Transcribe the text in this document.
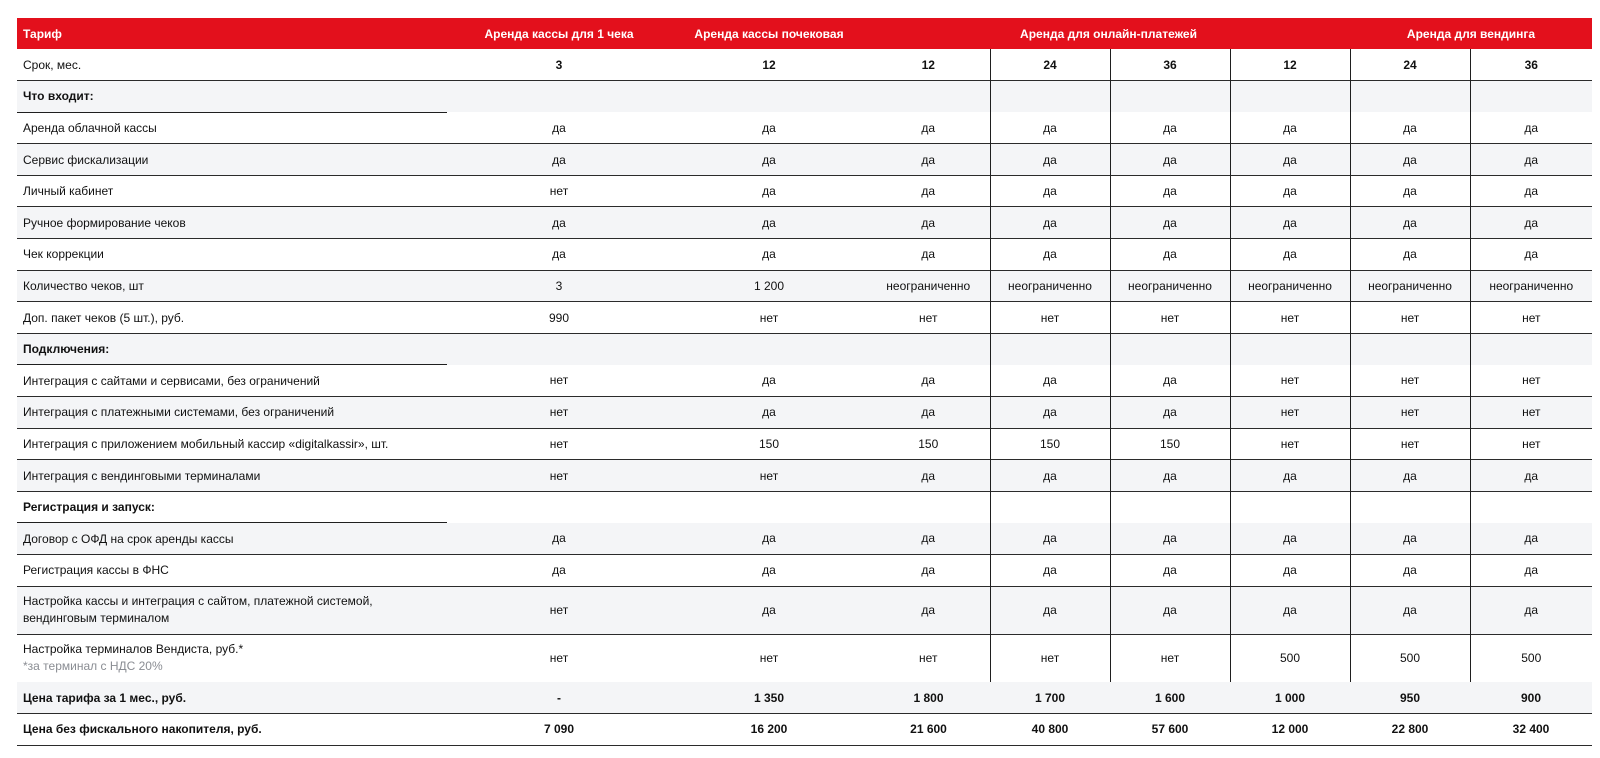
Тариф	Аренда кассы для 1 чека	Аренда кассы почековая	Аренда для онлайн-платежей				Аренда для вендинга	
Срок, мес.	3	12	12	24	36	12	24	36
Что входит:								
Аренда облачной кассы	да	да	да	да	да	да	да	да
Сервис фискализации	да	да	да	да	да	да	да	да
Личный кабинет	нет	да	да	да	да	да	да	да
Ручное формирование чеков	да	да	да	да	да	да	да	да
Чек коррекции	да	да	да	да	да	да	да	да
Количество чеков, шт	3	1 200	неограниченно	неограниченно	неограниченно	неограниченно	неограниченно	неограниченно
Доп. пакет чеков (5 шт.), руб.	990	нет	нет	нет	нет	нет	нет	нет
Подключения:								
Интеграция с сайтами и сервисами, без ограничений	нет	да	да	да	да	нет	нет	нет
Интеграция с платежными системами, без ограничений	нет	да	да	да	да	нет	нет	нет
Интеграция с приложением мобильный кассир «digitalkassir», шт.	нет	150	150	150	150	нет	нет	нет
Интеграция с вендинговыми терминалами	нет	нет	да	да	да	да	да	да
Регистрация и запуск:								
Договор с ОФД на срок аренды кассы	да	да	да	да	да	да	да	да
Регистрация кассы в ФНС	да	да	да	да	да	да	да	да

Настройка кассы и интеграция с сайтом, платежной системой,
вендинговым терминалом	нет	да	да	да	да	да	да	да

Настройка терминалов Вендиста, руб.*
*за терминал с НДС 20%	нет	нет	нет	нет	нет	500	500	500
Цена тарифа за 1 мес., руб.	-	1 350	1 800	1 700	1 600	1 000	950	900
Цена без фискального накопителя, руб.	7 090	16 200	21 600	40 800	57 600	12 000	22 800	32 400
